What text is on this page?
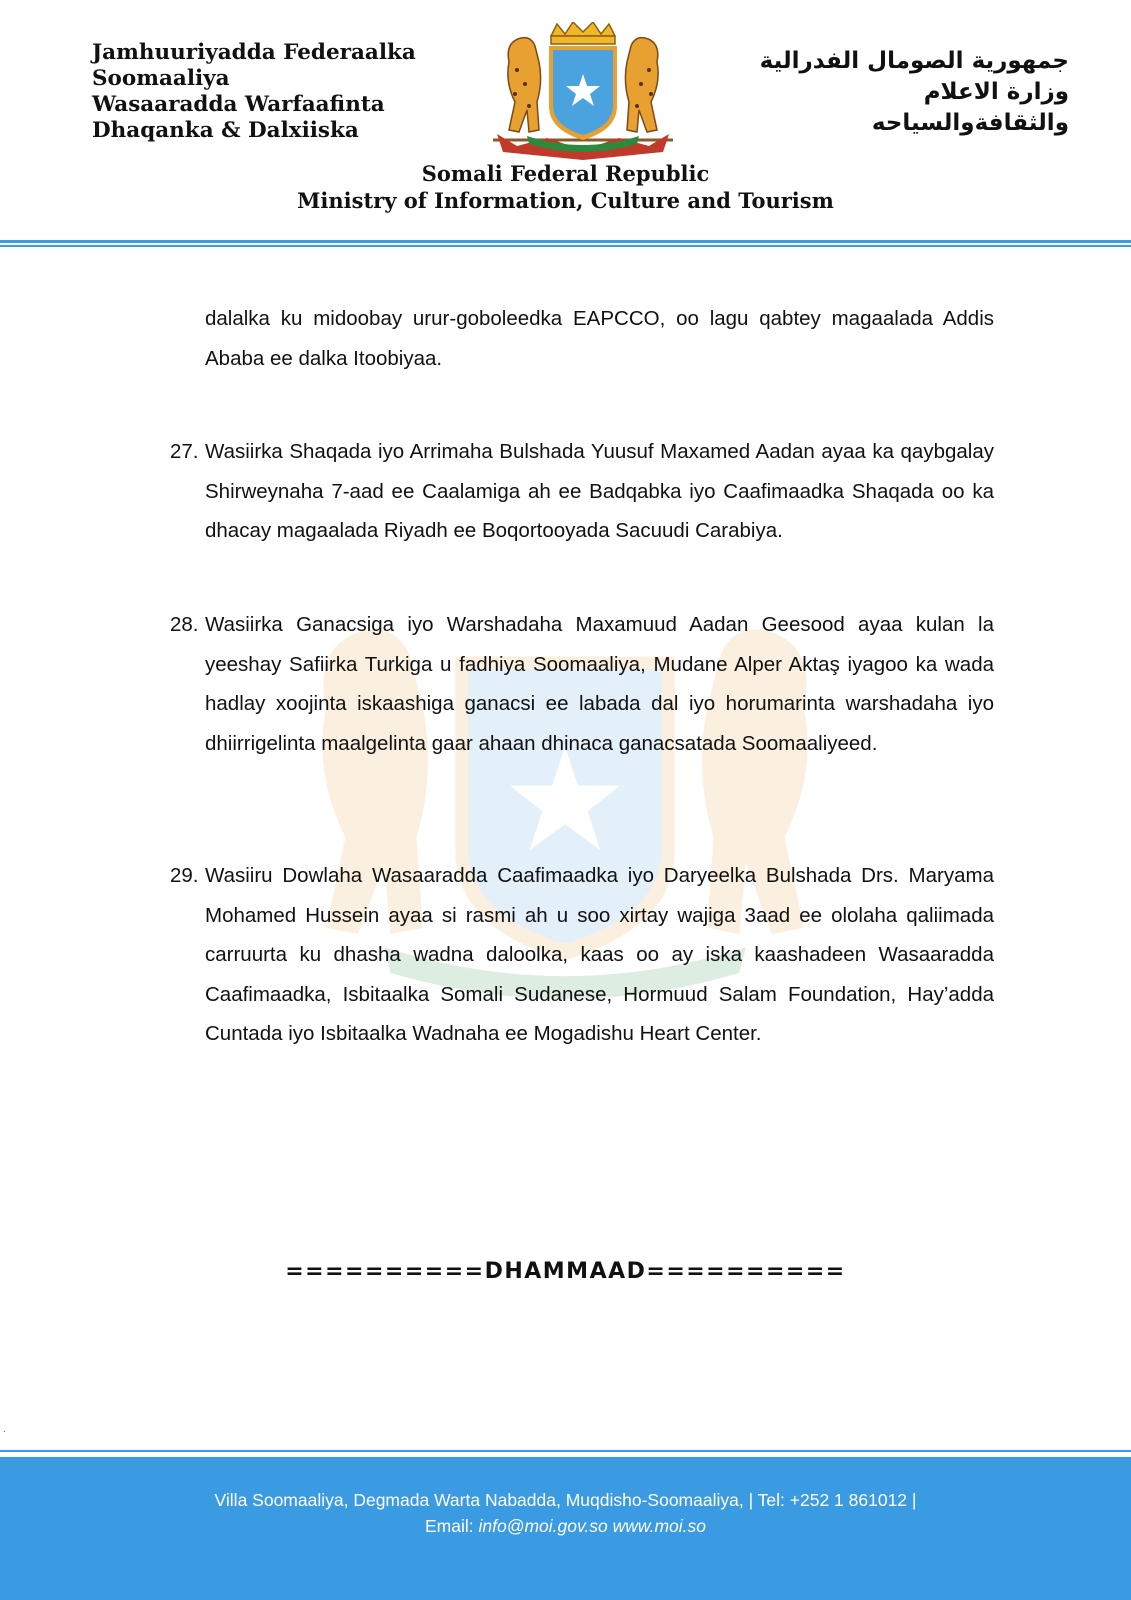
Jamhuuriyadda Federaalka
Soomaaliya
Wasaaradda Warfaafinta
Dhaqanka & Dalxiiska
جمهورية الصومال الفدرالية
وزارة الاعلام
والثقافةوالسياحه
Somali Federal Republic
Ministry of Information, Culture and Tourism
dalalka ku midoobay urur-goboleedka EAPCCO, oo lagu qabtey magaalada Addis Ababa ee dalka Itoobiyaa.
27. Wasiirka Shaqada iyo Arrimaha Bulshada Yuusuf Maxamed Aadan ayaa ka qaybgalay Shirweynaha 7-aad ee Caalamiga ah ee Badqabka iyo Caafimaadka Shaqada oo ka dhacay magaalada Riyadh ee Boqortooyada Sacuudi Carabiya.
28. Wasiirka Ganacsiga iyo Warshadaha Maxamuud Aadan Geesood ayaa kulan la yeeshay Safiirka Turkiga u fadhiya Soomaaliya, Mudane Alper Aktaş iyagoo ka wada hadlay xoojinta iskaashiga ganacsi ee labada dal iyo horumarinta warshadaha iyo dhiirrigelinta maalgelinta gaar ahaan dhinaca ganacsatada Soomaaliyeed.
29. Wasiiru Dowlaha Wasaaradda Caafimaadka iyo Daryeelka Bulshada Drs. Maryama Mohamed Hussein ayaa si rasmi ah u soo xirtay wajiga 3aad ee ololaha qaliimada carruurta ku dhasha wadna daloolka, kaas oo ay iska kaashadeen Wasaaradda Caafimaadka, Isbitaalka Somali Sudanese, Hormuud Salam Foundation, Hay’adda Cuntada iyo Isbitaalka Wadnaha ee Mogadishu Heart Center.
==========DHAMMAAD==========
.
Villa Soomaaliya, Degmada Warta Nabadda, Muqdisho-Soomaaliya, | Tel: +252 1 861012 |
Email: info@moi.gov.so www.moi.so
